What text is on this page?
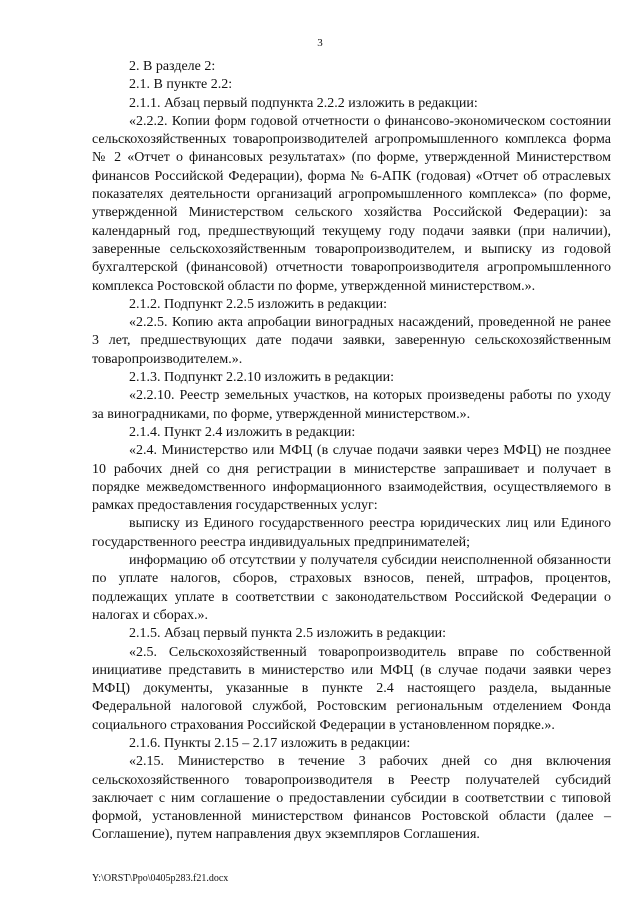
3

2. В разделе 2:

2.1. В пункте 2.2:

2.1.1. Абзац первый подпункта 2.2.2 изложить в редакции:

«2.2.2. Копии форм годовой отчетности о финансово-экономическом состоянии сельскохозяйственных товаропроизводителей агропромышленного комплекса форма № 2 «Отчет о финансовых результатах» (по форме, утвержденной Министерством финансов Российской Федерации), форма № 6-АПК (годовая) «Отчет об отраслевых показателях деятельности организаций агропромышленного комплекса» (по форме, утвержденной Министерством сельского хозяйства Российской Федерации): за календарный год, предшествующий текущему году подачи заявки (при наличии), заверенные сельскохозяйственным товаропроизводителем, и выписку из годовой бухгалтерской (финансовой) отчетности товаропроизводителя агропромышленного комплекса Ростовской области по форме, утвержденной министерством.».

2.1.2. Подпункт 2.2.5 изложить в редакции:

«2.2.5. Копию акта апробации виноградных насаждений, проведенной не ранее 3 лет, предшествующих дате подачи заявки, заверенную сельскохозяйственным товаропроизводителем.».

2.1.3. Подпункт 2.2.10 изложить в редакции:

«2.2.10. Реестр земельных участков, на которых произведены работы по уходу за виноградниками, по форме, утвержденной министерством.».

2.1.4. Пункт 2.4 изложить в редакции:

«2.4. Министерство или МФЦ (в случае подачи заявки через МФЦ) не позднее 10 рабочих дней со дня регистрации в министерстве запрашивает и получает в порядке межведомственного информационного взаимодействия, осуществляемого в рамках предоставления государственных услуг:

выписку из Единого государственного реестра юридических лиц или Единого государственного реестра индивидуальных предпринимателей;

информацию об отсутствии у получателя субсидии неисполненной обязанности по уплате налогов, сборов, страховых взносов, пеней, штрафов, процентов, подлежащих уплате в соответствии с законодательством Российской Федерации о налогах и сборах.».

2.1.5. Абзац первый пункта 2.5 изложить в редакции:

«2.5. Сельскохозяйственный товаропроизводитель вправе по собственной инициативе представить в министерство или МФЦ (в случае подачи заявки через МФЦ) документы, указанные в пункте 2.4 настоящего раздела, выданные Федеральной налоговой службой, Ростовским региональным отделением Фонда социального страхования Российской Федерации в установленном порядке.».

2.1.6. Пункты 2.15 – 2.17 изложить в редакции:

«2.15. Министерство в течение 3 рабочих дней со дня включения сельскохозяйственного товаропроизводителя в Реестр получателей субсидий заключает с ним соглашение о предоставлении субсидии в соответствии с типовой формой, установленной министерством финансов Ростовской области (далее – Соглашение), путем направления двух экземпляров Соглашения.

Y:\ORST\Ppo\0405p283.f21.docx
